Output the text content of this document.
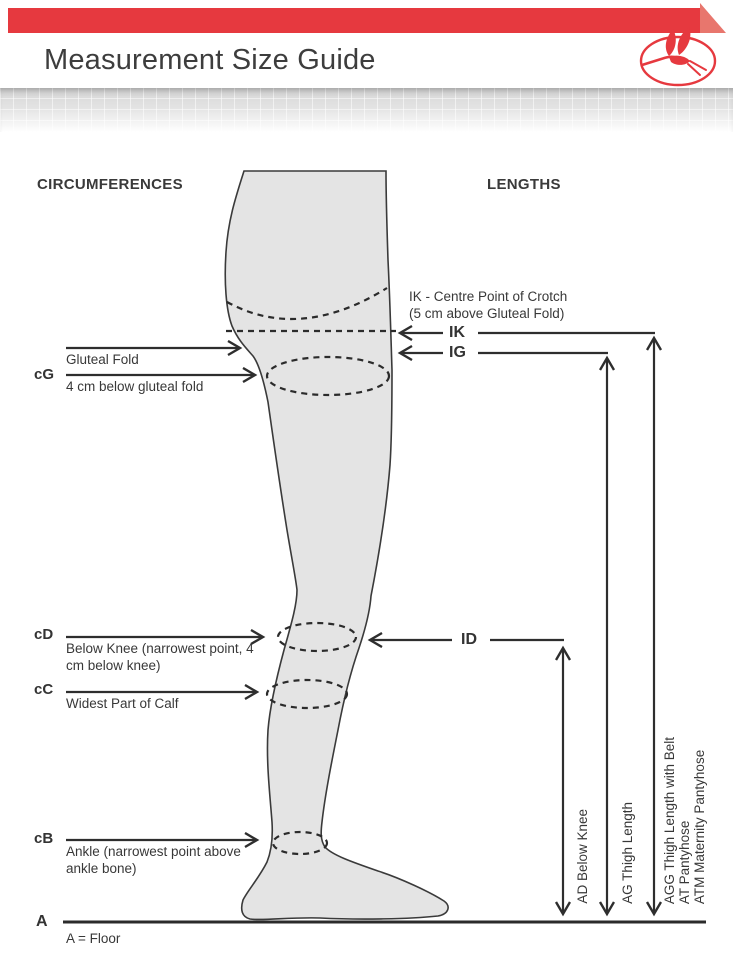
Measurement Size Guide
CIRCUMFERENCES	LENGTHS
Gluteal Fold
cG
4 cm below gluteal fold
cD
Below Knee (narrowest point, 4 cm below knee)
cC
Widest Part of Calf
cB
Ankle (narrowest point above ankle bone)
A
A = Floor
IK - Centre Point of Crotch
(5 cm above Gluteal Fold)
IK
IG
ID
AD Below Knee AG Thigh Length AGG Thigh Length with Belt AT Pantyhose ATM Maternity Pantyhose
